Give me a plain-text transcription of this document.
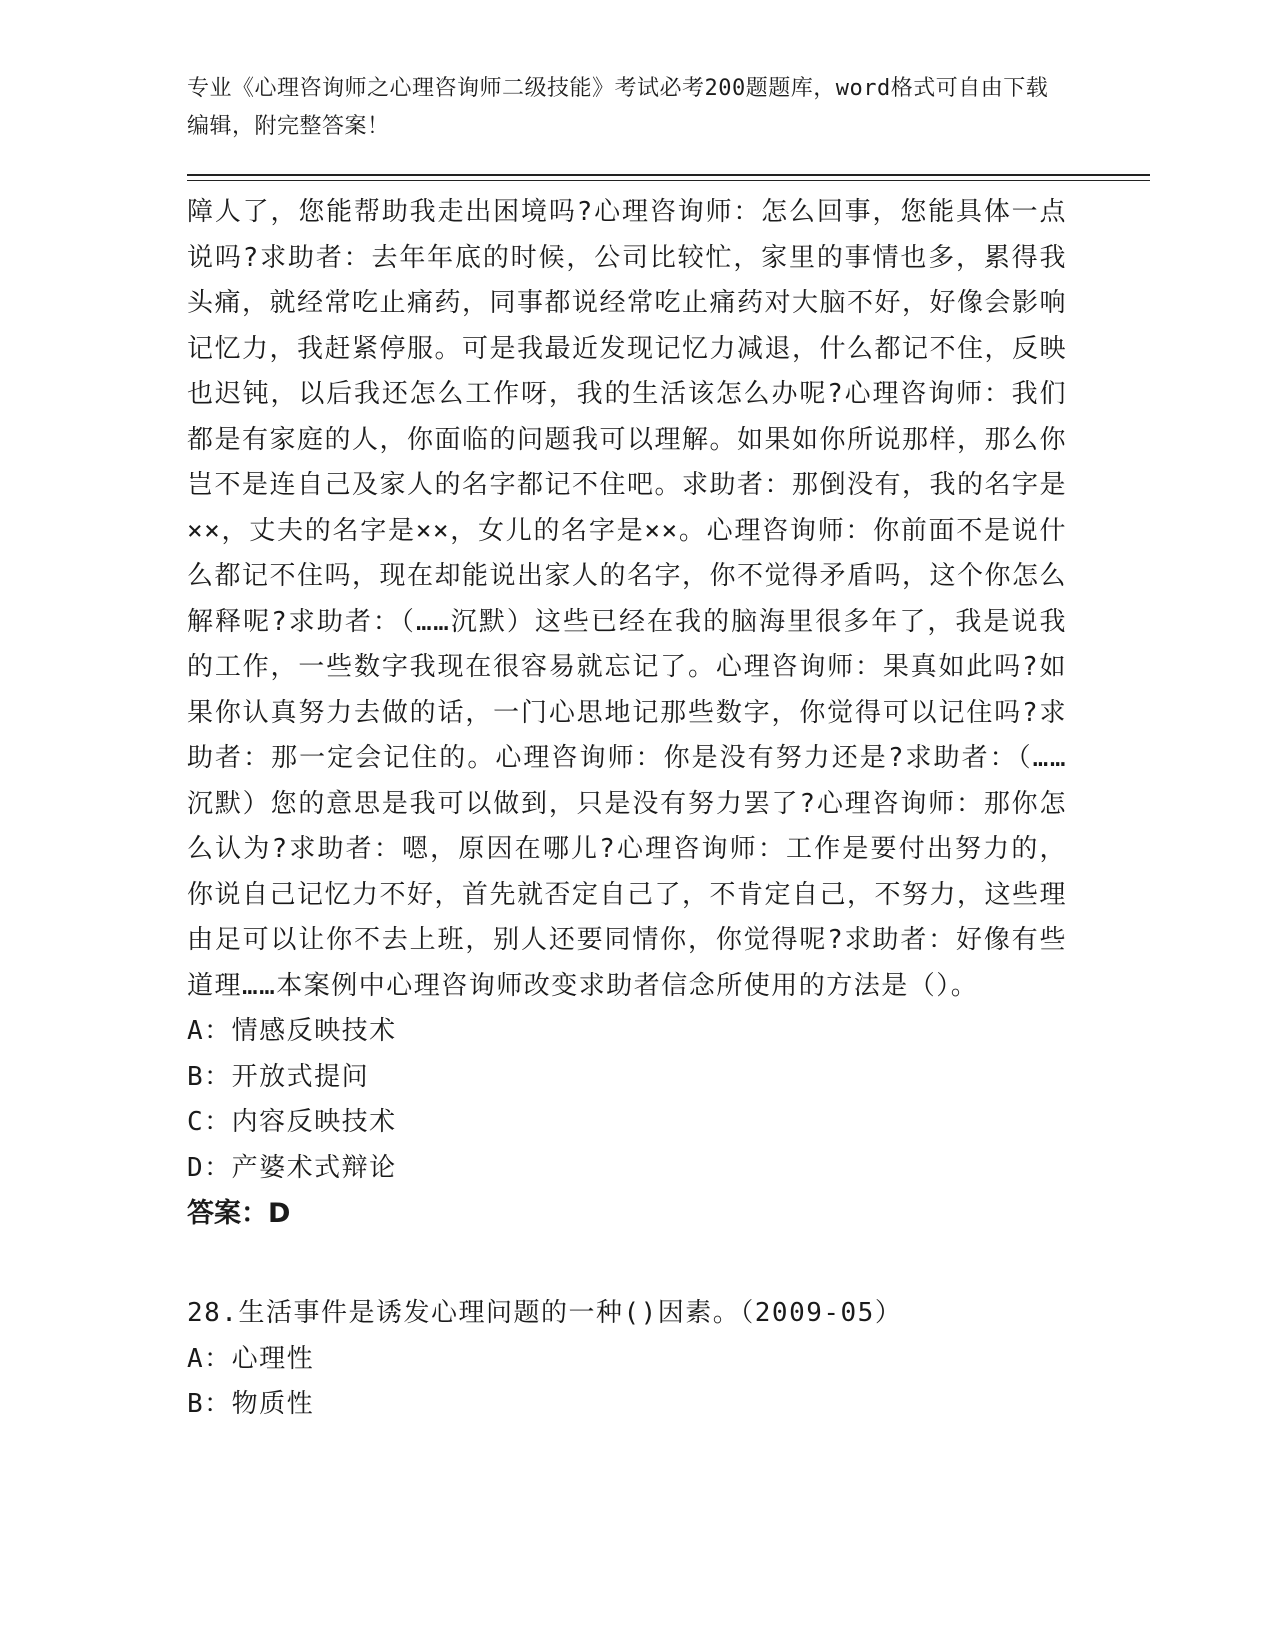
专业《心理咨询师之心理咨询师二级技能》考试必考200题题库，word格式可自由下载编辑，附完整答案！

障人了，您能帮助我走出困境吗?心理咨询师：怎么回事，您能具体一点说吗?求助者：去年年底的时候，公司比较忙，家里的事情也多，累得我头痛，就经常吃止痛药，同事都说经常吃止痛药对大脑不好，好像会影响记忆力，我赶紧停服。可是我最近发现记忆力减退，什么都记不住，反映也迟钝，以后我还怎么工作呀，我的生活该怎么办呢?心理咨询师：我们都是有家庭的人，你面临的问题我可以理解。如果如你所说那样，那么你岂不是连自己及家人的名字都记不住吧。求助者：那倒没有，我的名字是××，丈夫的名字是××，女儿的名字是××。心理咨询师：你前面不是说什么都记不住吗，现在却能说出家人的名字，你不觉得矛盾吗，这个你怎么解释呢?求助者：（……沉默）这些已经在我的脑海里很多年了，我是说我的工作，一些数字我现在很容易就忘记了。心理咨询师：果真如此吗?如果你认真努力去做的话，一门心思地记那些数字，你觉得可以记住吗?求助者：那一定会记住的。心理咨询师：你是没有努力还是?求助者：（……沉默）您的意思是我可以做到，只是没有努力罢了?心理咨询师：那你怎么认为?求助者：嗯，原因在哪儿?心理咨询师：工作是要付出努力的，你说自己记忆力不好，首先就否定自己了，不肯定自己，不努力，这些理由足可以让你不去上班，别人还要同情你，你觉得呢?求助者：好像有些道理……本案例中心理咨询师改变求助者信念所使用的方法是（）。

A：情感反映技术

B：开放式提问

C：内容反映技术

D：产婆术式辩论

答案：D

28.生活事件是诱发心理问题的一种()因素。（2009-05）

A：心理性

B：物质性
